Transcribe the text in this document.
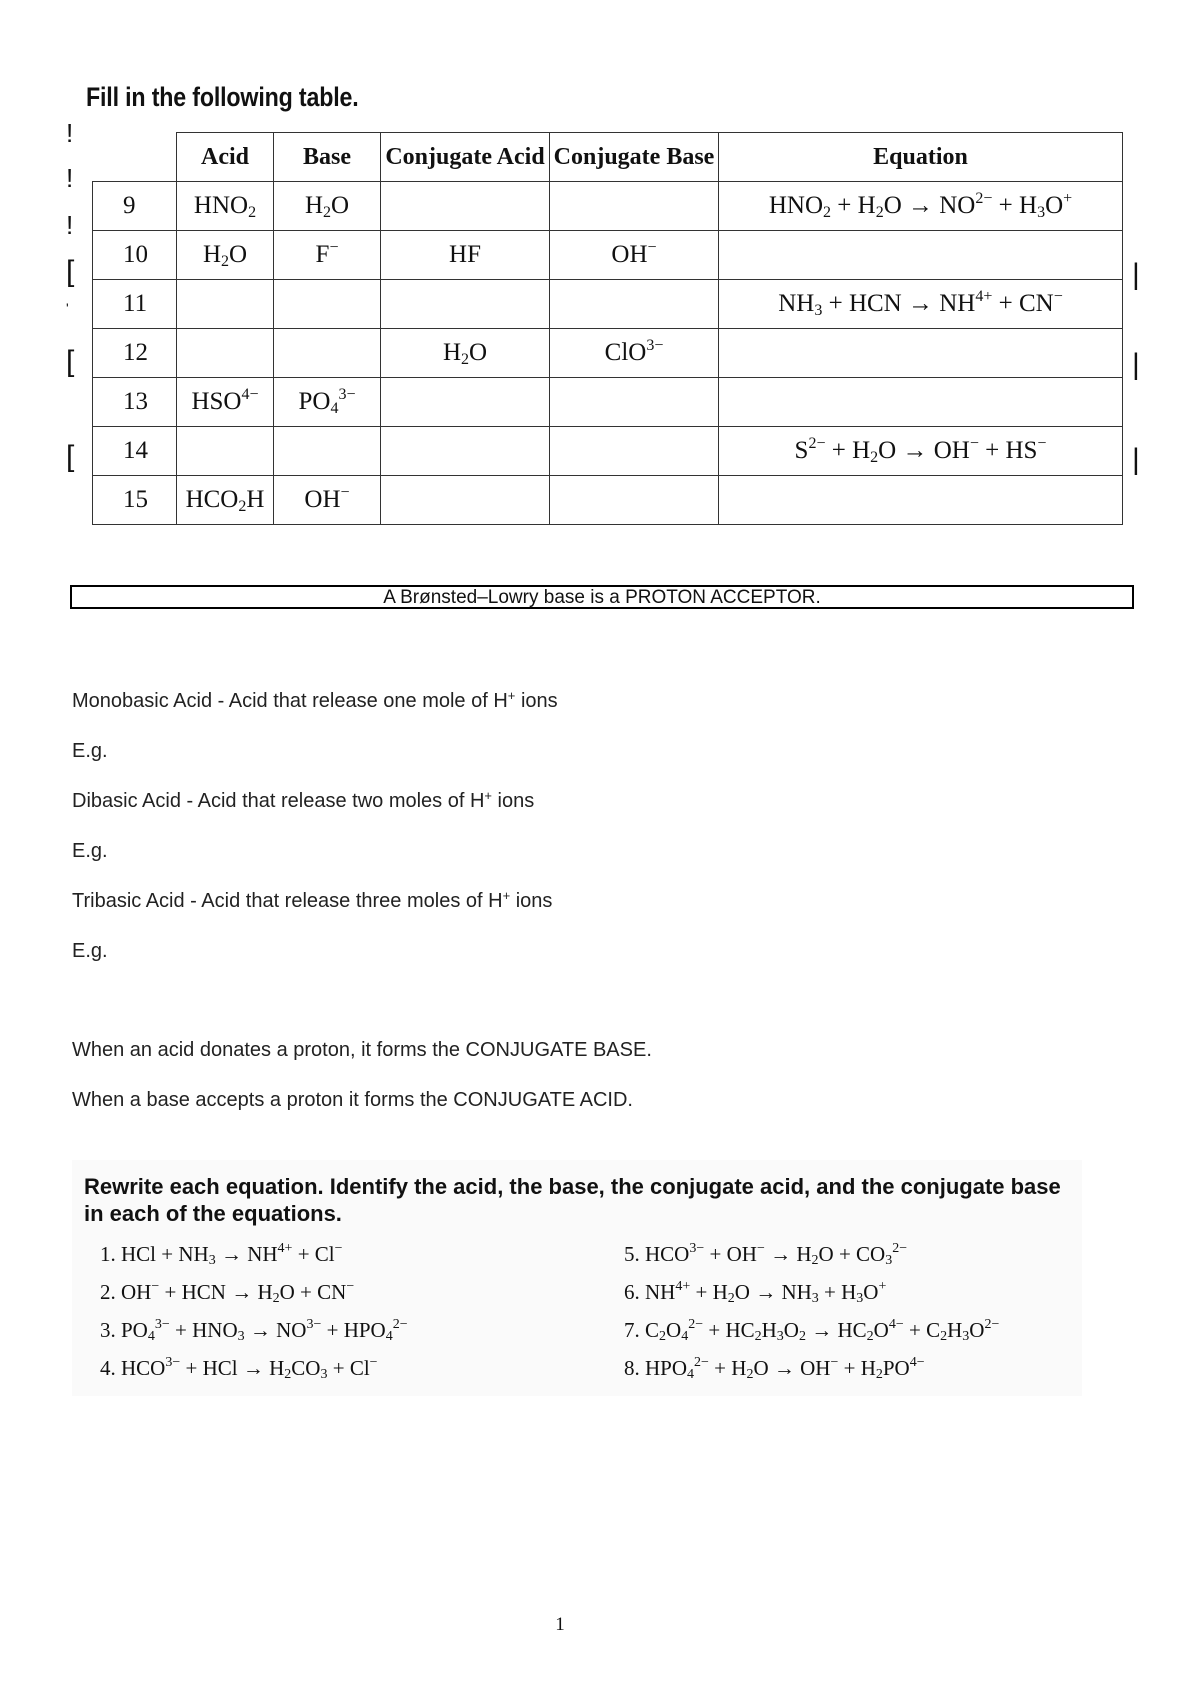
Fill in the following table.
!
!
!
[
'
[
[
|
|
|
	Acid	Base	Conjugate Acid	Conjugate Base	Equation
9	$HNO_2$	$H_2O$			$HNO_2 + H_2O \to NO^{2-} + H_3O^+$
10	$H_2O$	F−	HF	OH−	
11					$NH_3$ + HCN → $NH^{4+} + CN^-$
12			$H_2O$	ClO$^{3-}$	
13	$HSO^{4-}$	$PO_4^{3-}$			
14					$S^{2-} + H_2O \to OH^- + HS^-$
15	$HCO_2H$	OH−			
A Brønsted–Lowry base is a PROTON ACCEPTOR.
Monobasic Acid - Acid that release one mole of H+ ions
E.g.
Dibasic Acid - Acid that release two moles of H+ ions
E.g.
Tribasic Acid - Acid that release three moles of H+ ions
E.g.
When an acid donates a proton, it forms the CONJUGATE BASE.
When a base accepts a proton it forms the CONJUGATE ACID.
Rewrite each equation. Identify the acid, the base, the conjugate acid, and the conjugate base in each of the equations.
1. HCl + $NH_3 \to NH^{4+} + Cl^-$
2. OH− + HCN → $H_2O + CN^-$
3. $PO_4^{3-} + HNO_3 \to NO^{3-} + HPO_4^{2-}$
4. $HCO^{3-}$ + HCl → $H_2CO_3 + Cl^-$
5. $HCO^{3-} + OH^- \to H_2O + CO_3^{2-}$
6. $NH^{4+} + H_2O \to NH_3 + H_3O^+$
7. $C_2O_4^{2-} + HC_2H_3O_2 \to HC_2O^{4-} + C_2H_3O^{2-}$
8. $HPO_4^{2-} + H_2O \to OH^- + H_2PO^{4-}$
1
